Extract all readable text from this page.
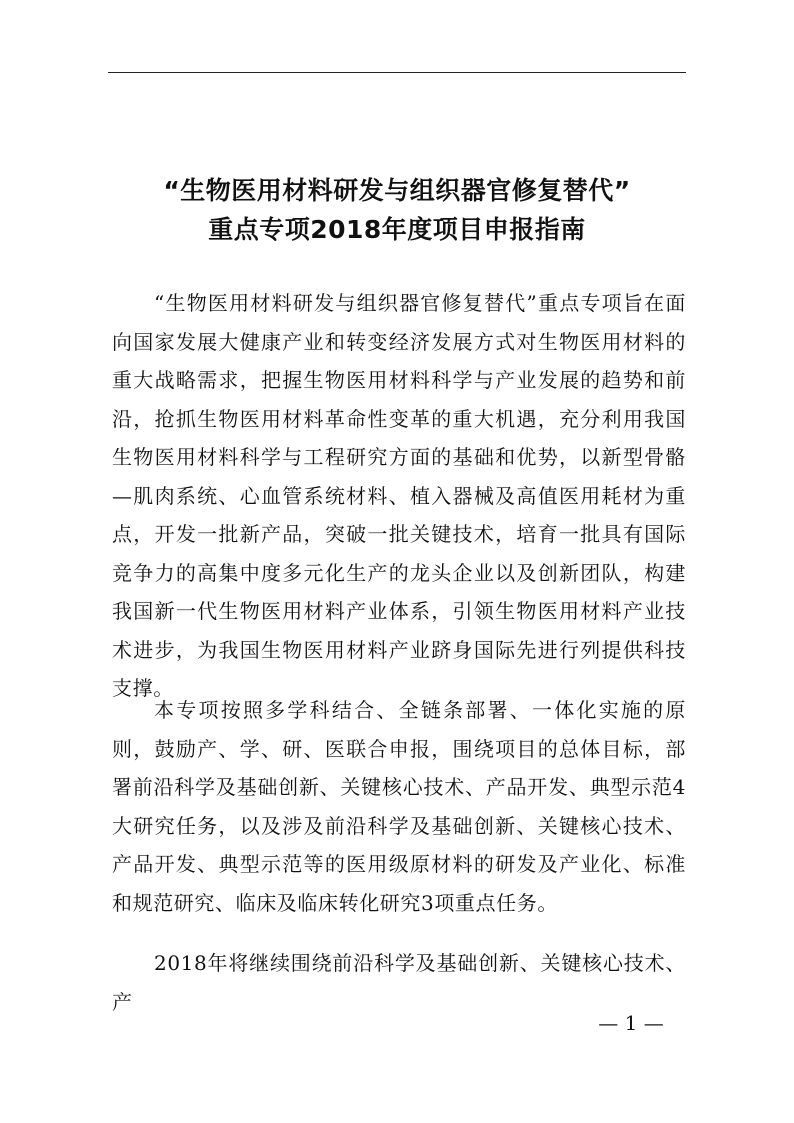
“生物医用材料研发与组织器官修复替代”
重点专项2018年度项目申报指南

“生物医用材料研发与组织器官修复替代”重点专项旨在面向国家发展大健康产业和转变经济发展方式对生物医用材料的重大战略需求，把握生物医用材料科学与产业发展的趋势和前沿，抢抓生物医用材料革命性变革的重大机遇，充分利用我国生物医用材料科学与工程研究方面的基础和优势，以新型骨骼—肌肉系统、心血管系统材料、植入器械及高值医用耗材为重点，开发一批新产品，突破一批关键技术，培育一批具有国际竞争力的高集中度多元化生产的龙头企业以及创新团队，构建我国新一代生物医用材料产业体系，引领生物医用材料产业技术进步，为我国生物医用材料产业跻身国际先进行列提供科技支撑。

本专项按照多学科结合、全链条部署、一体化实施的原则，鼓励产、学、研、医联合申报，围绕项目的总体目标，部署前沿科学及基础创新、关键核心技术、产品开发、典型示范4大研究任务，以及涉及前沿科学及基础创新、关键核心技术、产品开发、典型示范等的医用级原材料的研发及产业化、标准和规范研究、临床及临床转化研究3项重点任务。

2018年将继续围绕前沿科学及基础创新、关键核心技术、产

— 1 —
